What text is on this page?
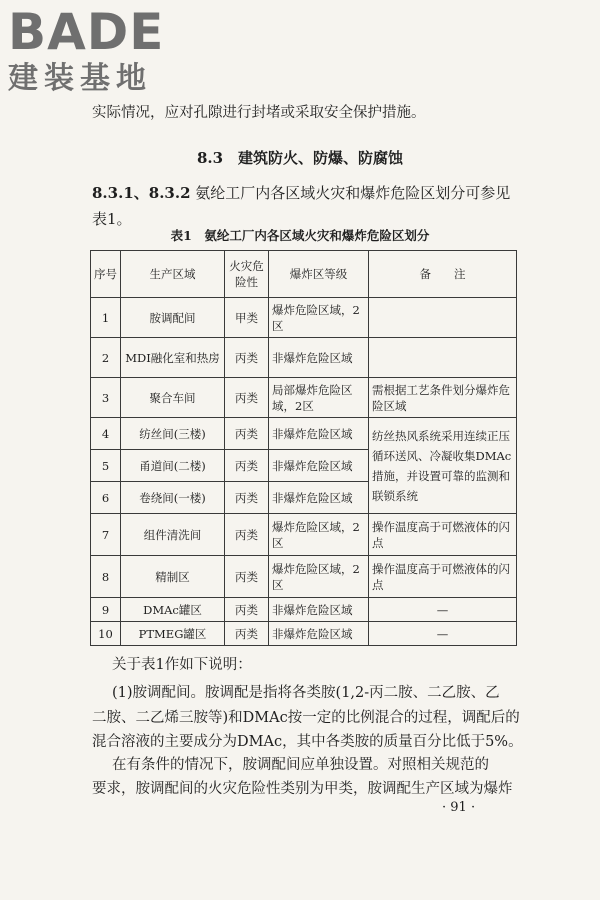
BADE
建装基地
实际情况，应对孔隙进行封堵或采取安全保护措施。
8.3　建筑防火、防爆、防腐蚀
8.3.1、8.3.2 氨纶工厂内各区域火灾和爆炸危险区划分可参见表1。
表1　氨纶工厂内各区域火灾和爆炸危险区划分
序号	生产区域	火灾危险性	爆炸区等级	备　　注
1	胺调配间	甲类	爆炸危险区域，2区	
2	MDI融化室和热房	丙类	非爆炸危险区域	
3	聚合车间	丙类	局部爆炸危险区域，2区	需根据工艺条件划分爆炸危险区域
4	纺丝间(三楼)	丙类	非爆炸危险区域	纺丝热风系统采用连续正压循环送风、冷凝收集DMAc措施，并设置可靠的监测和联锁系统
5	甬道间(二楼)	丙类	非爆炸危险区域	
6	卷绕间(一楼)	丙类	非爆炸危险区域	
7	组件清洗间	丙类	爆炸危险区域，2区	操作温度高于可燃液体的闪点
8	精制区	丙类	爆炸危险区域，2区	操作温度高于可燃液体的闪点
9	DMAc罐区	丙类	非爆炸危险区域	—
10	PTMEG罐区	丙类	非爆炸危险区域	—
关于表1作如下说明：
(1)胺调配间。胺调配是指将各类胺(1,2-丙二胺、二乙胺、乙
二胺、二乙烯三胺等)和DMAc按一定的比例混合的过程，调配后的
混合溶液的主要成分为DMAc，其中各类胺的质量百分比低于5%。
在有条件的情况下，胺调配间应单独设置。对照相关规范的
要求，胺调配间的火灾危险性类别为甲类，胺调配生产区域为爆炸
· 91 ·
